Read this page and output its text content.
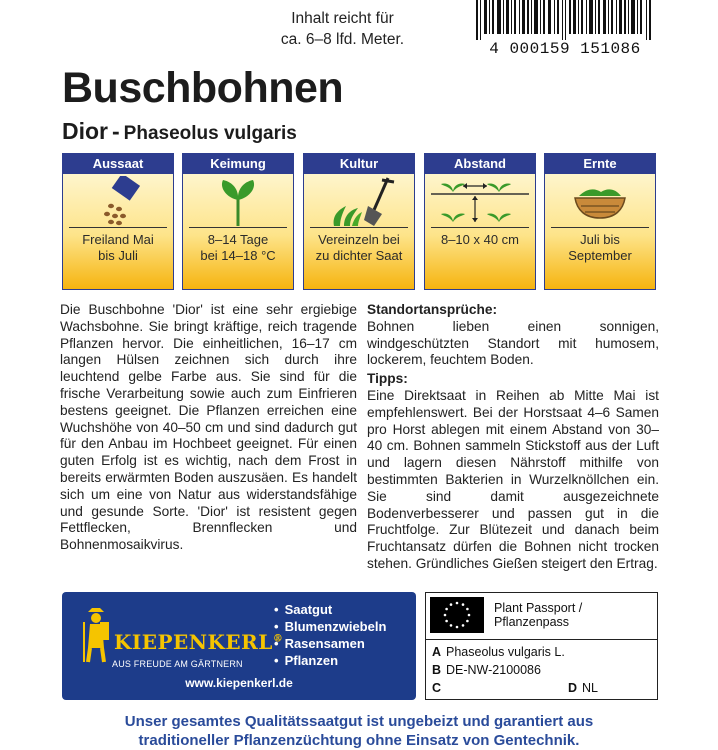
Inhalt reicht für
ca. 6–8 lfd. Meter.
4 000159 151086
Buschbohnen
Dior - Phaseolus vulgaris
Aussaat
Freiland Mai
bis Juli
Keimung
8–14 Tage
bei 14–18 °C
Kultur
Vereinzeln bei
zu dichter Saat
Abstand
8–10 x 40 cm
Ernte
Juli bis
September
Die Buschbohne 'Dior' ist eine sehr ergiebige Wachsbohne. Sie bringt kräftige, reich tragende Pflanzen hervor. Die einheitlichen, 16–17 cm langen Hülsen zeichnen sich durch ihre leuchtend gelbe Farbe aus. Sie sind für die frische Verarbeitung sowie auch zum Einfrieren bestens geeignet. Die Pflanzen erreichen eine Wuchshöhe von 40–50 cm und sind dadurch gut für den Anbau im Hochbeet geeignet. Für einen guten Erfolg ist es wichtig, nach dem Frost in bereits erwärmten Boden auszusäen. Es handelt sich um eine von Natur aus widerstandsfähige und gesunde Sorte. 'Dior' ist resistent gegen Fettflecken, Brennflecken und Bohnenmosaikvirus.
Standortansprüche:

Bohnen lieben einen sonnigen, windgeschützten Standort mit humosem, lockerem, feuchtem Boden.

Tipps:

Eine Direktsaat in Reihen ab Mitte Mai ist empfehlenswert. Bei der Horstsaat 4–6 Samen pro Horst ablegen mit einem Abstand von 30–40 cm. Bohnen sammeln Stickstoff aus der Luft und lagern diesen Nährstoff mithilfe von bestimmten Bakterien in Wurzelknöllchen ein. Sie sind damit ausgezeichnete Bodenverbesserer und passen gut in die Fruchtfolge. Zur Blütezeit und danach beim Fruchtansatz dürfen die Bohnen nicht trocken stehen. Gründliches Gießen steigert den Ertrag.

KIEPENKERL®
AUS FREUDE AM GÄRTNERN
• Saatgut
• Blumenzwiebeln
• Rasensamen
• Pflanzen
www.kiepenkerl.de
Plant Passport /
Pflanzenpass
A Phaseolus vulgaris L.
B DE-NW-2100086
C	D NL
Unser gesamtes Qualitätssaatgut ist ungebeizt und garantiert aus
traditioneller Pflanzenzüchtung ohne Einsatz von Gentechnik.
